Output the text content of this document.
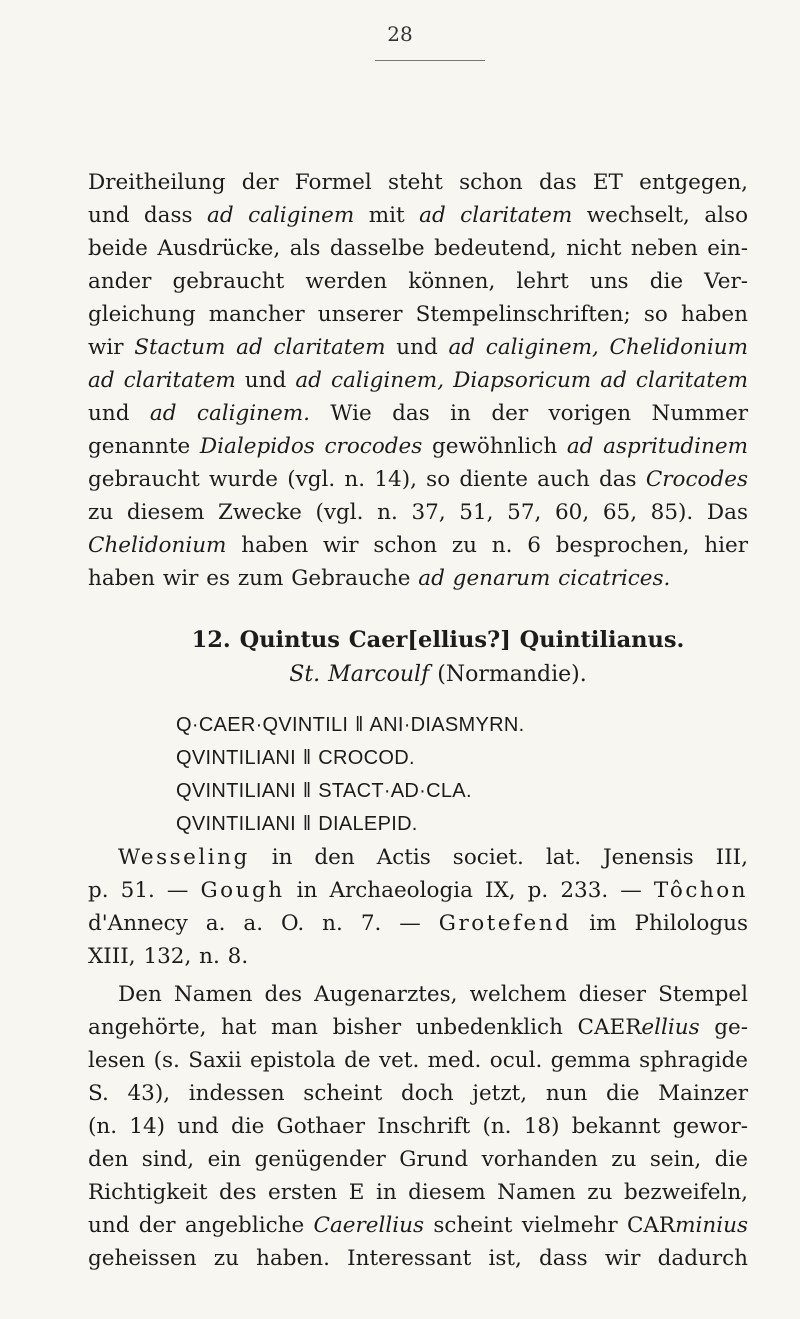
28
Dreitheilung der Formel steht schon das ET entgegen,
und dass ad caliginem mit ad claritatem wechselt, also
beide Ausdrücke, als dasselbe bedeutend, nicht neben ein-
ander gebraucht werden können, lehrt uns die Ver-
gleichung mancher unserer Stempelinschriften; so haben
wir Stactum ad claritatem und ad caliginem, Chelidonium
ad claritatem und ad caliginem, Diapsoricum ad claritatem
und ad caliginem. Wie das in der vorigen Nummer
genannte Dialepidos crocodes gewöhnlich ad aspritudinem
gebraucht wurde (vgl. n. 14), so diente auch das Crocodes
zu diesem Zwecke (vgl. n. 37, 51, 57, 60, 65, 85). Das
Chelidonium haben wir schon zu n. 6 besprochen, hier
haben wir es zum Gebrauche ad genarum cicatrices.
12. Quintus Caer[ellius?] Quintilianus.
St. Marcoulf (Normandie).
Q·CAER·QVINTILI ‖ ANI·DIASMYRN.
QVINTILIANI ‖ CROCOD.
QVINTILIANI ‖ STACT·AD·CLA.
QVINTILIANI ‖ DIALEPID.
Wesseling in den Actis societ. lat. Jenensis III,
p. 51. — Gough in Archaeologia IX, p. 233. — Tôchon
d'Annecy a. a. O. n. 7. — Grotefend im Philologus
XIII, 132, n. 8.
Den Namen des Augenarztes, welchem dieser Stempel
angehörte, hat man bisher unbedenklich CAERellius ge-
lesen (s. Saxii epistola de vet. med. ocul. gemma sphragide
S. 43), indessen scheint doch jetzt, nun die Mainzer
(n. 14) und die Gothaer Inschrift (n. 18) bekannt gewor-
den sind, ein genügender Grund vorhanden zu sein, die
Richtigkeit des ersten E in diesem Namen zu bezweifeln,
und der angebliche Caerellius scheint vielmehr CARminius
geheissen zu haben. Interessant ist, dass wir dadurch
